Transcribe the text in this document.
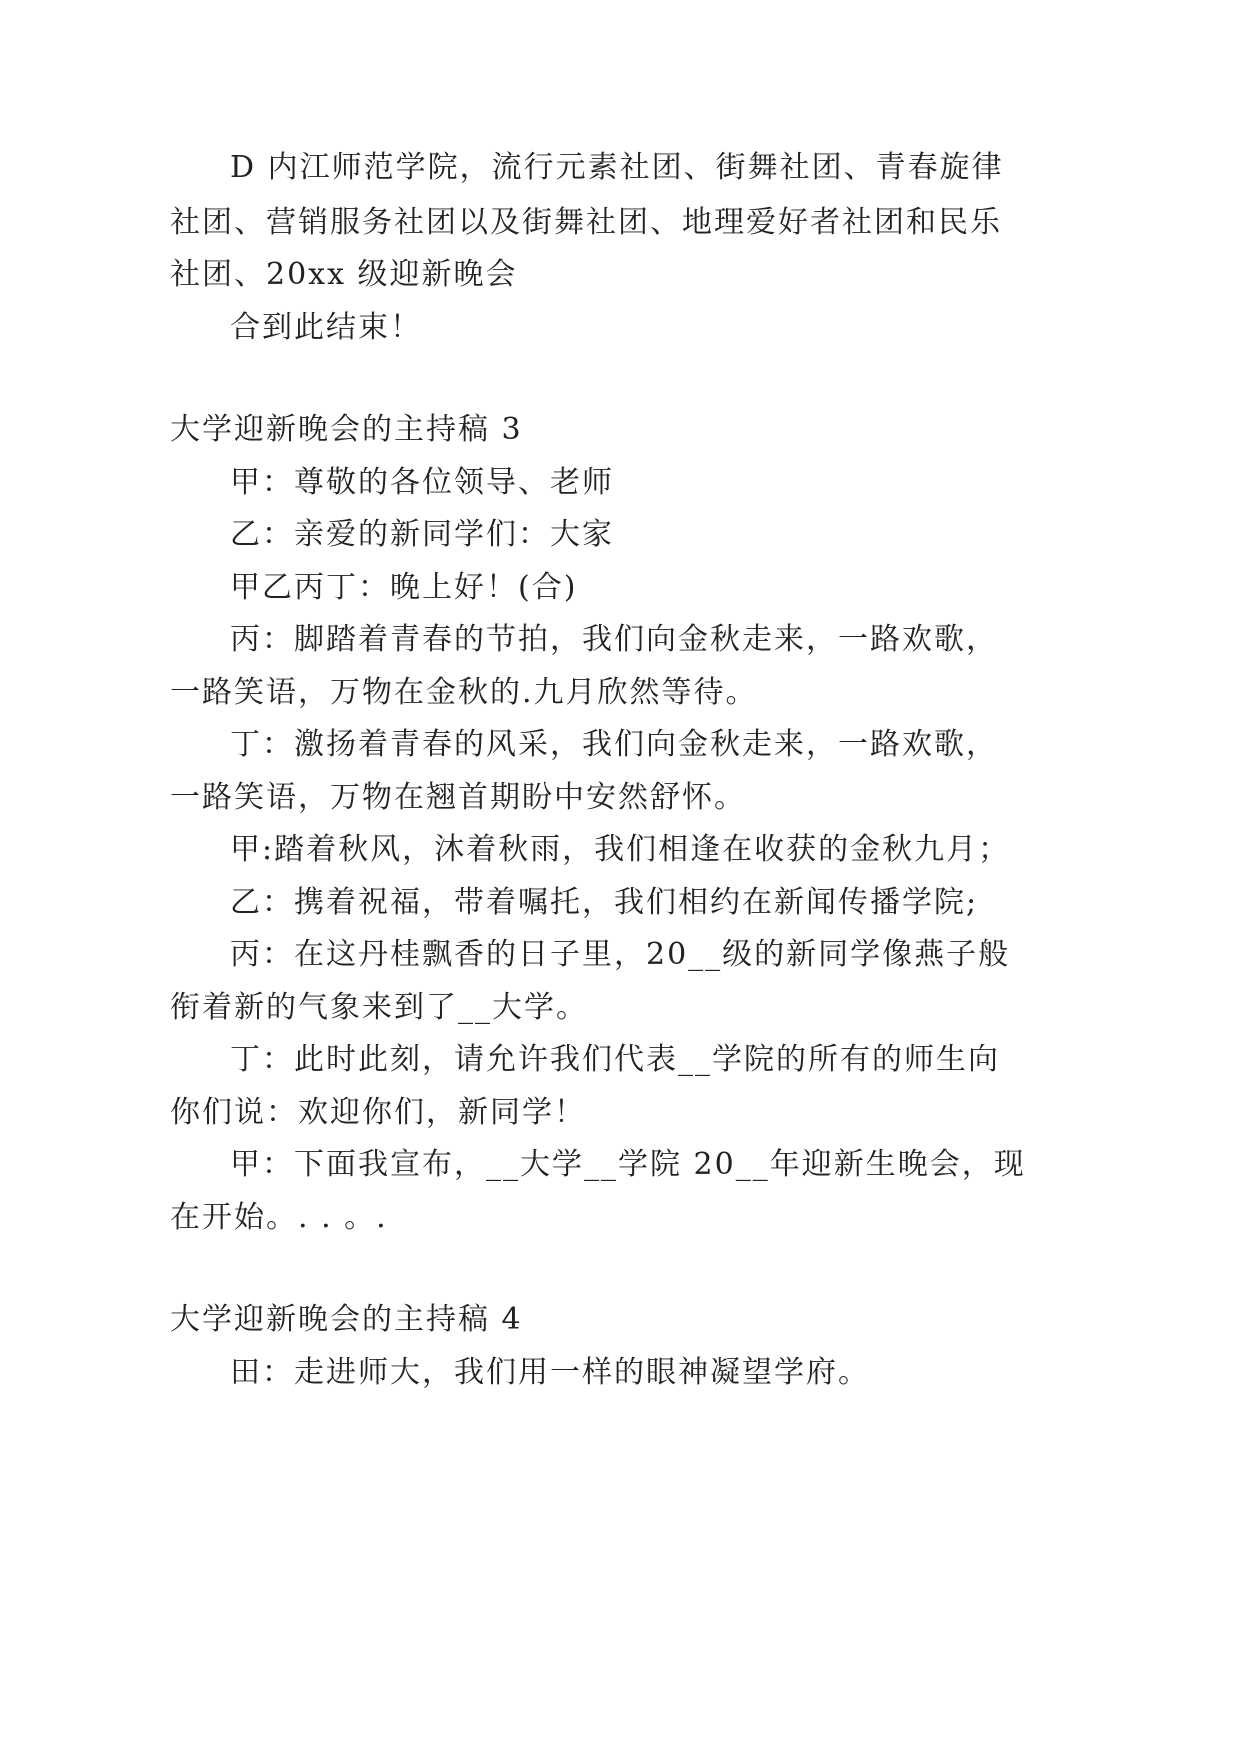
D 内江师范学院，流行元素社团、街舞社团、青春旋律
社团、营销服务社团以及街舞社团、地理爱好者社团和民乐
社团、20xx 级迎新晚会
合到此结束！
大学迎新晚会的主持稿 3
甲：尊敬的各位领导、老师
乙：亲爱的新同学们：大家
甲乙丙丁：晚上好！(合)
丙：脚踏着青春的节拍，我们向金秋走来，一路欢歌，
一路笑语，万物在金秋的.九月欣然等待。
丁：激扬着青春的风采，我们向金秋走来，一路欢歌，
一路笑语，万物在翘首期盼中安然舒怀。
甲:踏着秋风，沐着秋雨，我们相逢在收获的金秋九月；
乙：携着祝福，带着嘱托，我们相约在新闻传播学院;
丙：在这丹桂飘香的日子里，20__级的新同学像燕子般
衔着新的气象来到了__大学。
丁：此时此刻，请允许我们代表__学院的所有的师生向
你们说：欢迎你们，新同学！
甲：下面我宣布，__大学__学院 20__年迎新生晚会，现
在开始。. . 。.
大学迎新晚会的主持稿 4
田：走进师大，我们用一样的眼神凝望学府。
